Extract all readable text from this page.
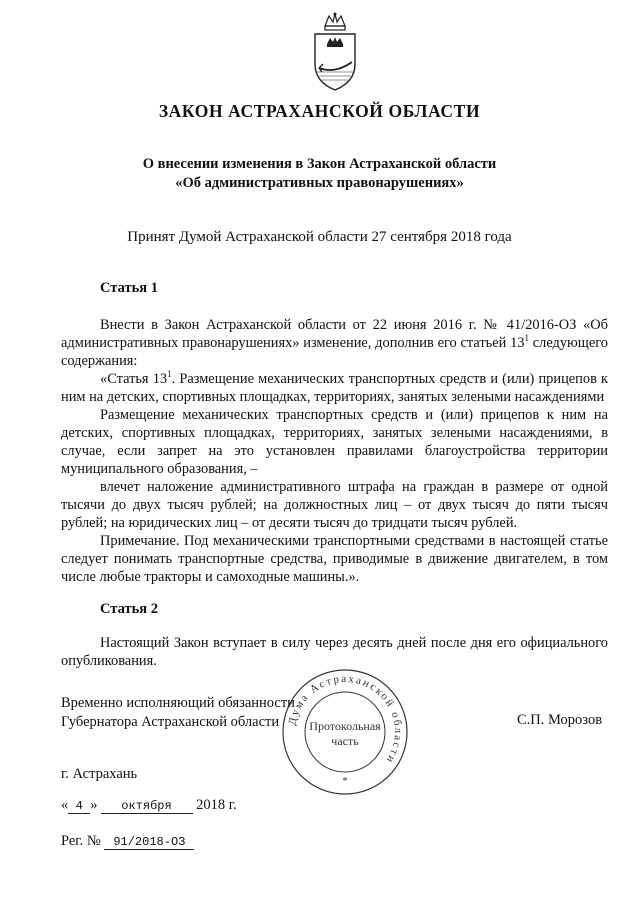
ЗАКОН АСТРАХАНСКОЙ ОБЛАСТИ
О внесении изменения в Закон Астраханской области
«Об административных правонарушениях»
Принят Думой Астраханской области 27 сентября 2018 года
Статья 1

Внести в Закон Астраханской области от 22 июня 2016 г. № 41/2016-ОЗ «Об административных правонарушениях» изменение, дополнив его статьей $13^1$ следующего содержания:

«Статья $13^1$. Размещение механических транспортных средств и (или) прицепов к ним на детских, спортивных площадках, территориях, занятых зелеными насаждениями

Размещение механических транспортных средств и (или) прицепов к ним на детских, спортивных площадках, территориях, занятых зелеными насаждениями, в случае, если запрет на это установлен правилами благоустройства территории муниципального образования, –

влечет наложение административного штрафа на граждан в размере от одной тысячи до двух тысяч рублей; на должностных лиц – от двух тысяч до пяти тысяч рублей; на юридических лиц – от десяти тысяч до тридцати тысяч рублей.

Примечание. Под механическими транспортными средствами в настоящей статье следует понимать транспортные средства, приводимые в движение двигателем, в том числе любые тракторы и самоходные машины.».

Статья 2

Настоящий Закон вступает в силу через десять дней после дня его официального опубликования.

Дума Астраханской области
Протокольная
часть
*
Временно исполняющий обязанности
Губернатора Астраханской области	С.П. Морозов
г. Астрахань
« 4 » октября 2018 г.
Рег. № 91/2018-ОЗ
